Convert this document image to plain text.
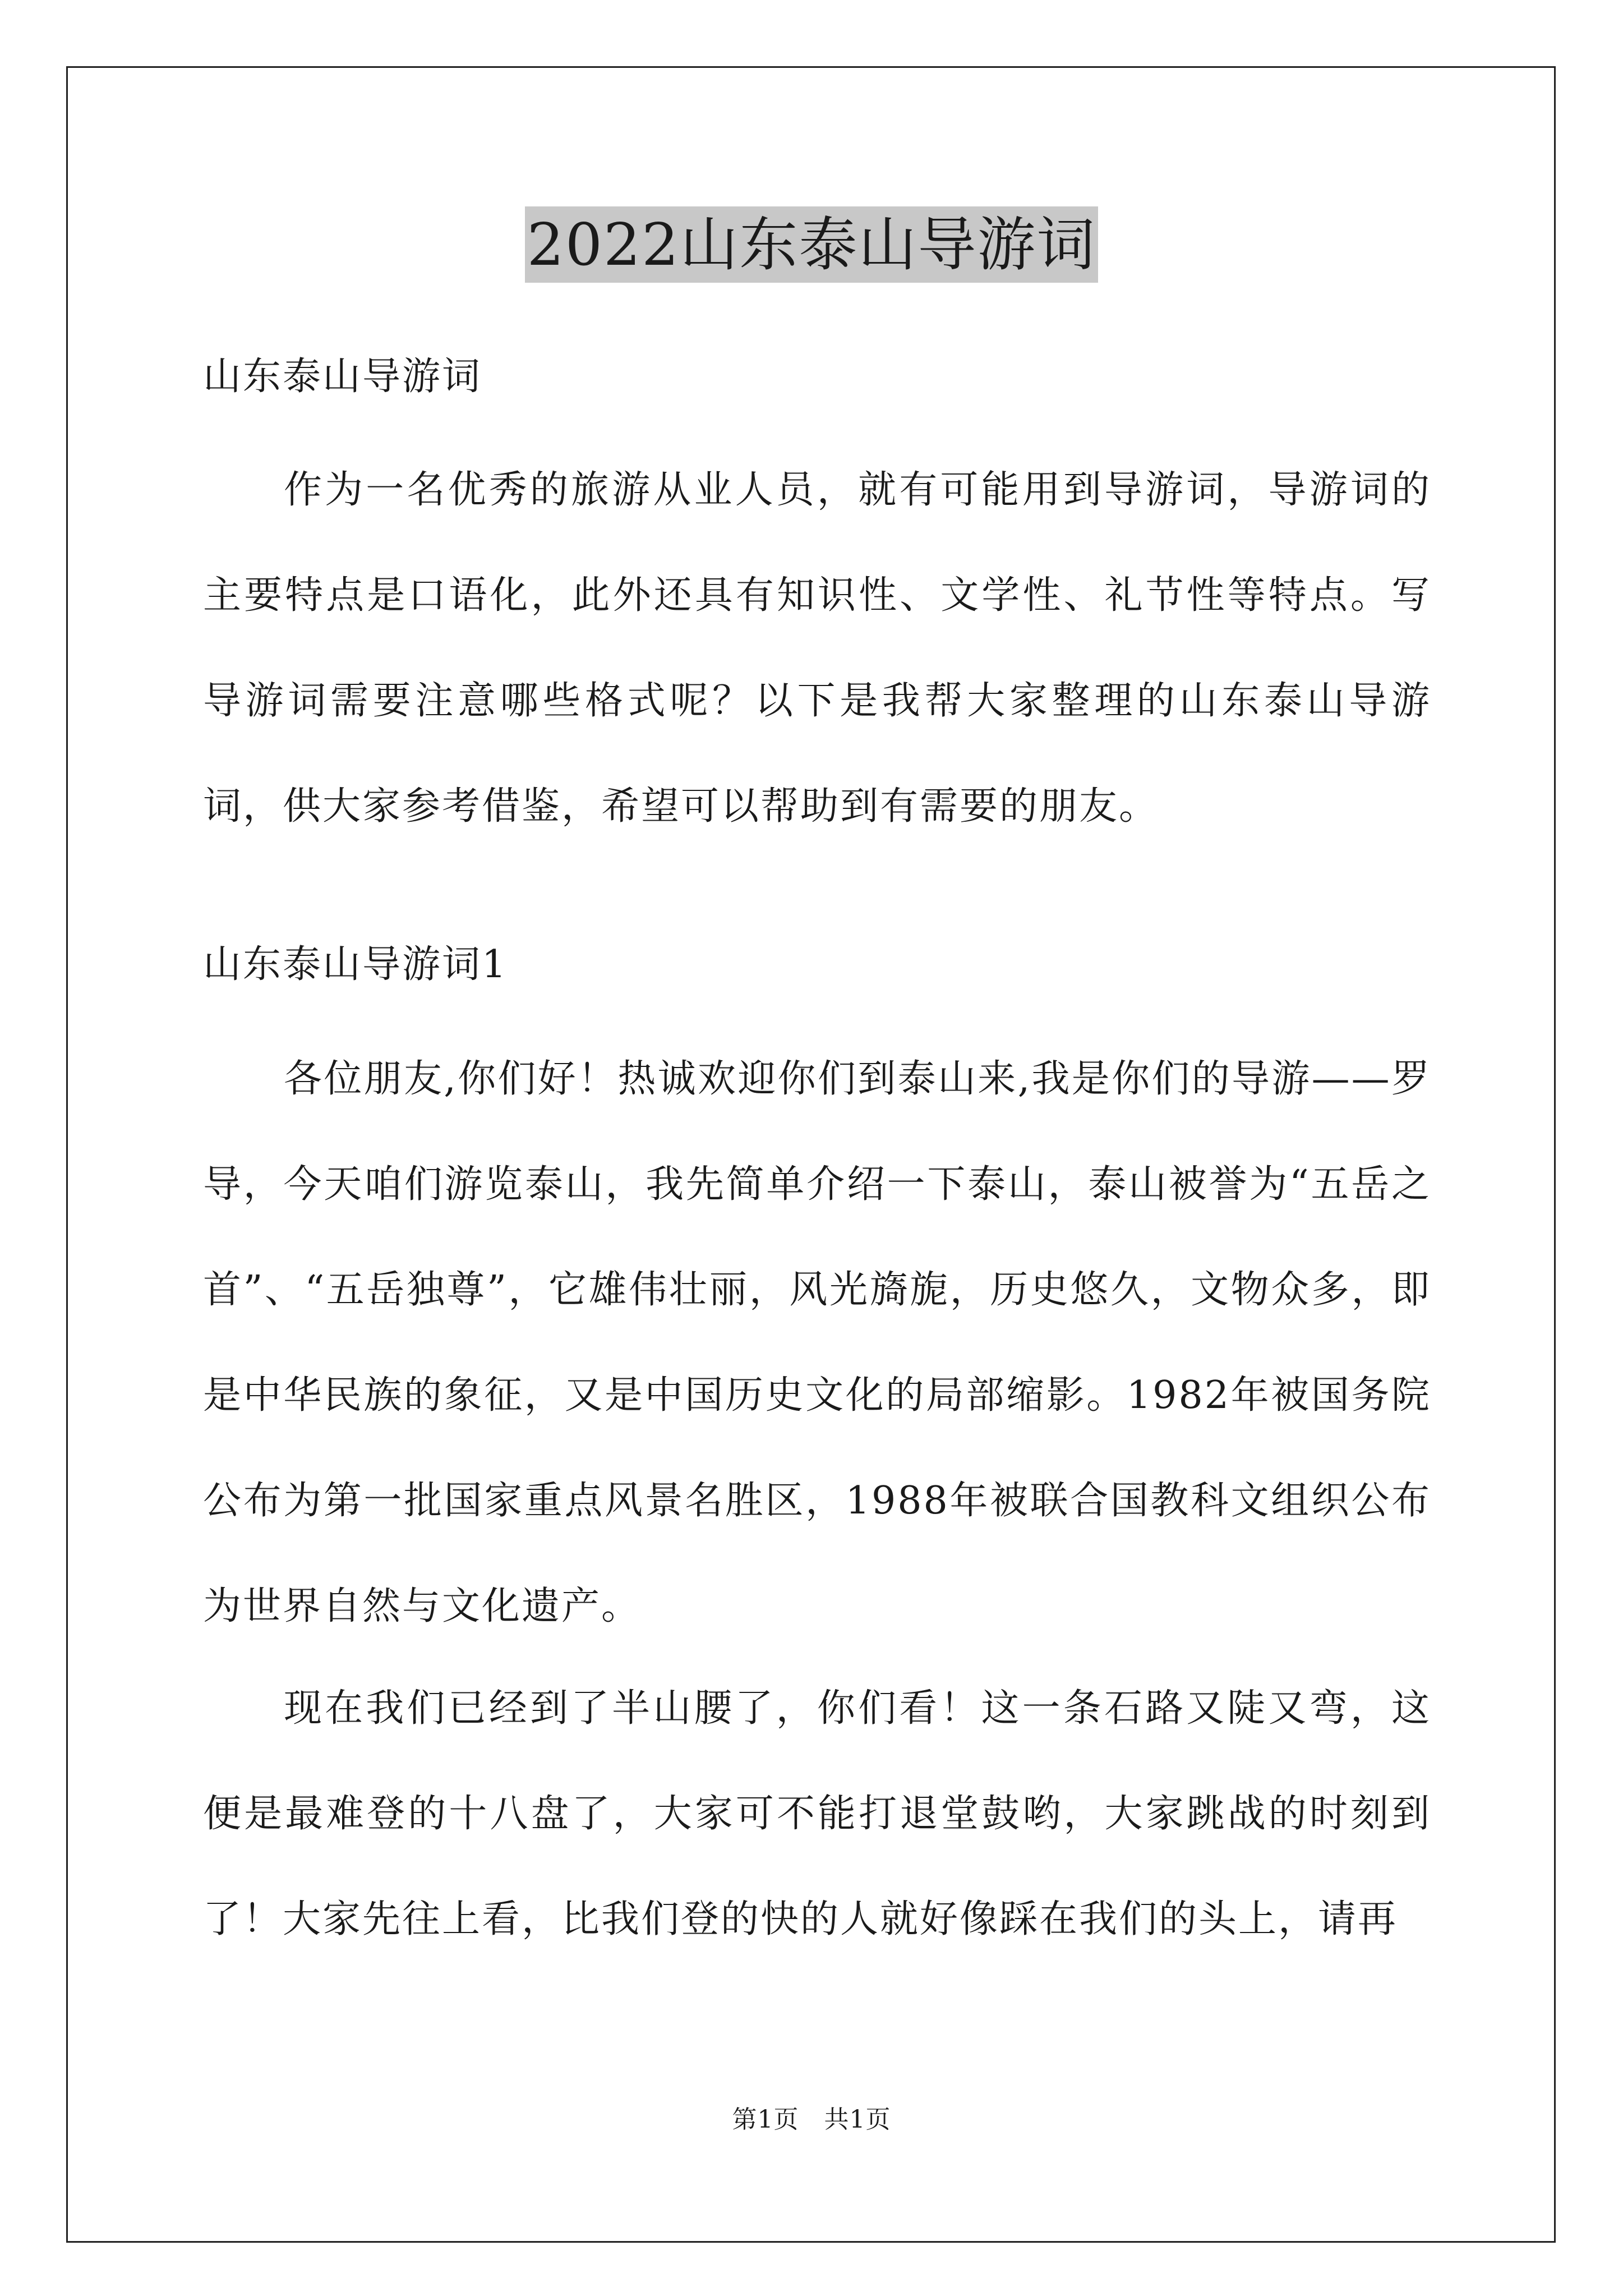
2022山东泰山导游词
山东泰山导游词

作为一名优秀的旅游从业人员，就有可能用到导游词，导游词的主要特点是口语化，此外还具有知识性、文学性、礼节性等特点。写导游词需要注意哪些格式呢？以下是我帮大家整理的山东泰山导游词，供大家参考借鉴，希望可以帮助到有需要的朋友。

山东泰山导游词1

各位朋友,你们好！热诚欢迎你们到泰山来,我是你们的导游——罗导，今天咱们游览泰山，我先简单介绍一下泰山，泰山被誉为“五岳之首”、“五岳独尊”，它雄伟壮丽，风光旖旎，历史悠久，文物众多，即是中华民族的象征，又是中国历史文化的局部缩影。1982年被国务院公布为第一批国家重点风景名胜区，1988年被联合国教科文组织公布为世界自然与文化遗产。

现在我们已经到了半山腰了，你们看！这一条石路又陡又弯，这便是最难登的十八盘了，大家可不能打退堂鼓哟，大家跳战的时刻到了！大家先往上看，比我们登的快的人就好像踩在我们的头上，请再

第1页　共1页
